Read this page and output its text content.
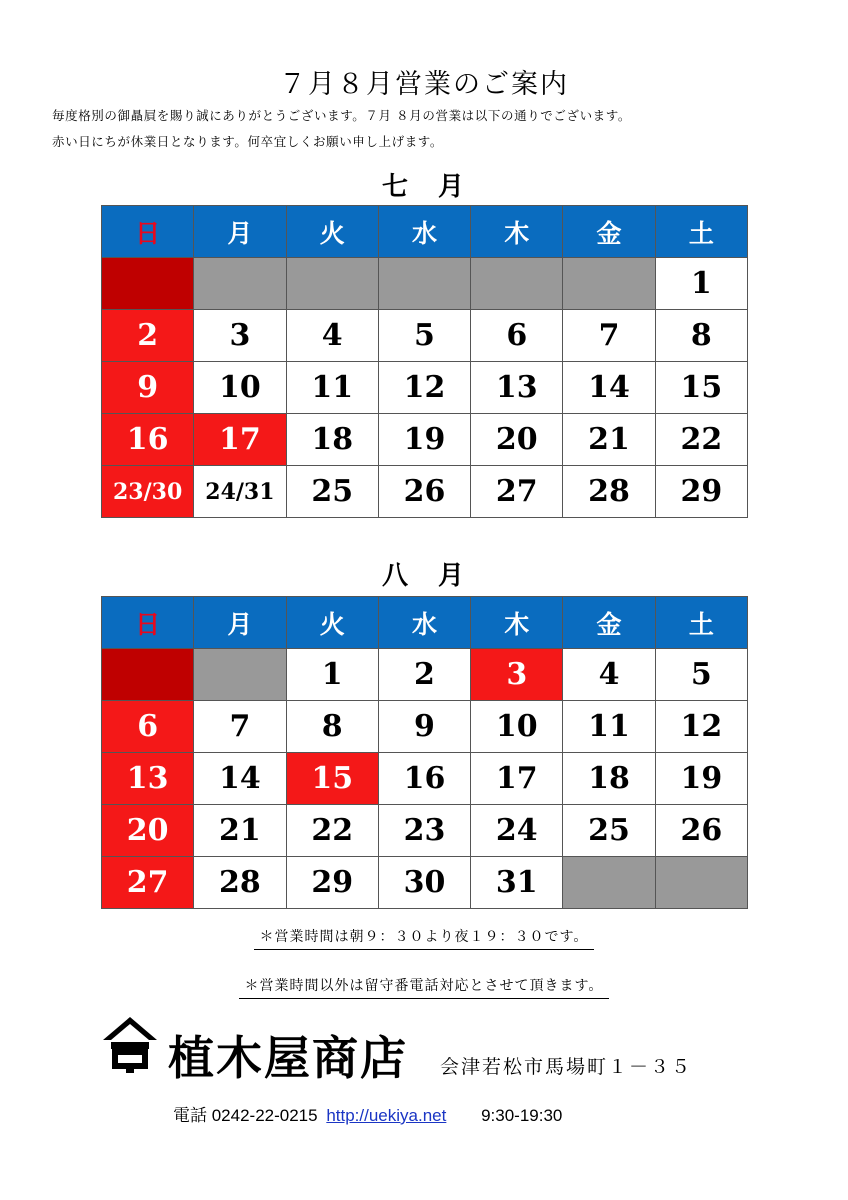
７月８月営業のご案内
毎度格別の御贔屓を賜り誠にありがとうございます。７月 ８月の営業は以下の通りでございます。
赤い日にちが休業日となります。何卒宜しくお願い申し上げます。
七　月
日	月	火	水	木	金	土
						1
2	3	4	5	6	7	8
9	10	11	12	13	14	15
16	17	18	19	20	21	22
23/30	24/31	25	26	27	28	29
八　月
日	月	火	水	木	金	土
		1	2	3	4	5
6	7	8	9	10	11	12
13	14	15	16	17	18	19
20	21	22	23	24	25	26
27	28	29	30	31		
＊営業時間は朝９：３０より夜１９：３０です。
＊営業時間以外は留守番電話対応とさせて頂きます。
植木屋商店 会津若松市馬場町１－３５
電話 0242-22-0215 http://uekiya.net 9:30-19:30
